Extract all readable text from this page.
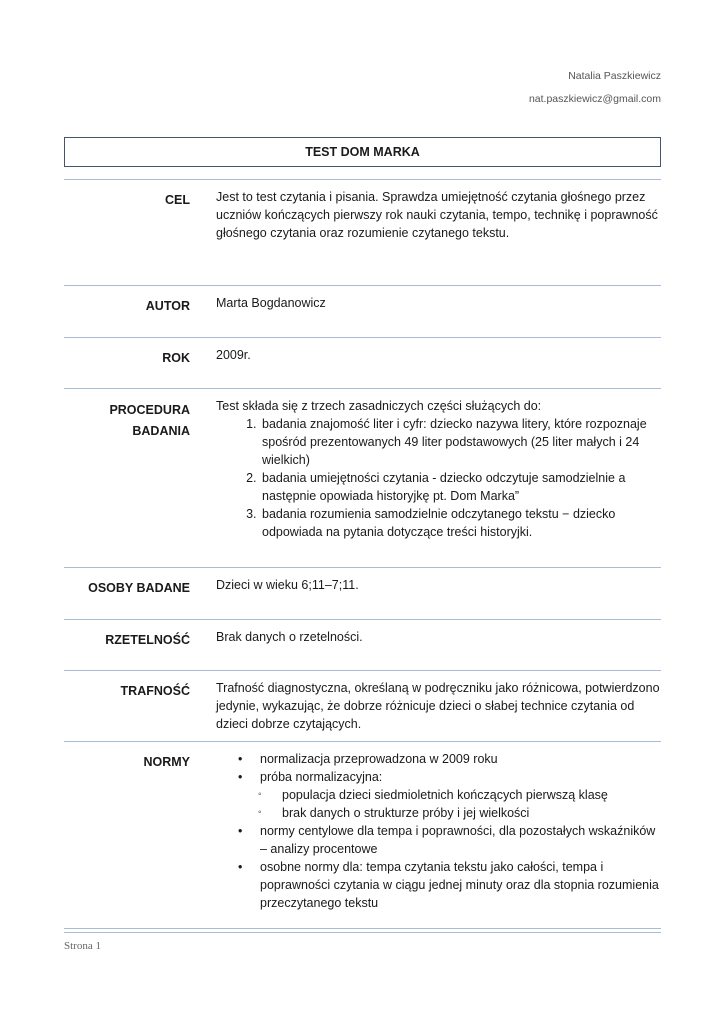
Natalia Paszkiewicz
nat.paszkiewicz@gmail.com
TEST DOM MARKA
CEL Jest to test czytania i pisania. Sprawdza umiejętność czytania głośnego przez uczniów kończących pierwszy rok nauki czytania, tempo, technikę i poprawność głośnego czytania oraz rozumienie czytanego tekstu.

AUTOR Marta Bogdanowicz

ROK 2009r.

PROCEDURA
BADANIA

Test składa się z trzech zasadniczych części służących do:

1. badania znajomość liter i cyfr: dziecko nazywa litery, które rozpoznaje spośród prezentowanych 49 liter podstawowych (25 liter małych i 24 wielkich)
2. badania umiejętności czytania - dziecko odczytuje samodzielnie a następnie opowiada historyjkę pt. Dom Marka”
3. badania rozumienia samodzielnie odczytanego tekstu − dziecko odpowiada na pytania dotyczące treści historyjki.
OSOBY BADANE Dzieci w wieku 6;11–7;11.

RZETELNOŚĆ Brak danych o rzetelności.

TRAFNOŚĆ Trafność diagnostyczna, określaną w podręczniku jako różnicowa, potwierdzono jedynie, wykazując, że dobrze różnicuje dzieci o słabej technice czytania od dzieci dobrze czytających.

NORMY	• normalizacja przeprowadzona w 2009 roku
• próba normalizacyjna:
◦ populacja dzieci siedmioletnich kończących pierwszą klasę
◦ brak danych o strukturze próby i jej wielkości
• normy centylowe dla tempa i poprawności, dla pozostałych wskaźników – analizy procentowe
• osobne normy dla: tempa czytania tekstu jako całości, tempa i poprawności czytania w ciągu jednej minuty oraz dla stopnia rozumienia przeczytanego tekstu
Strona 1
